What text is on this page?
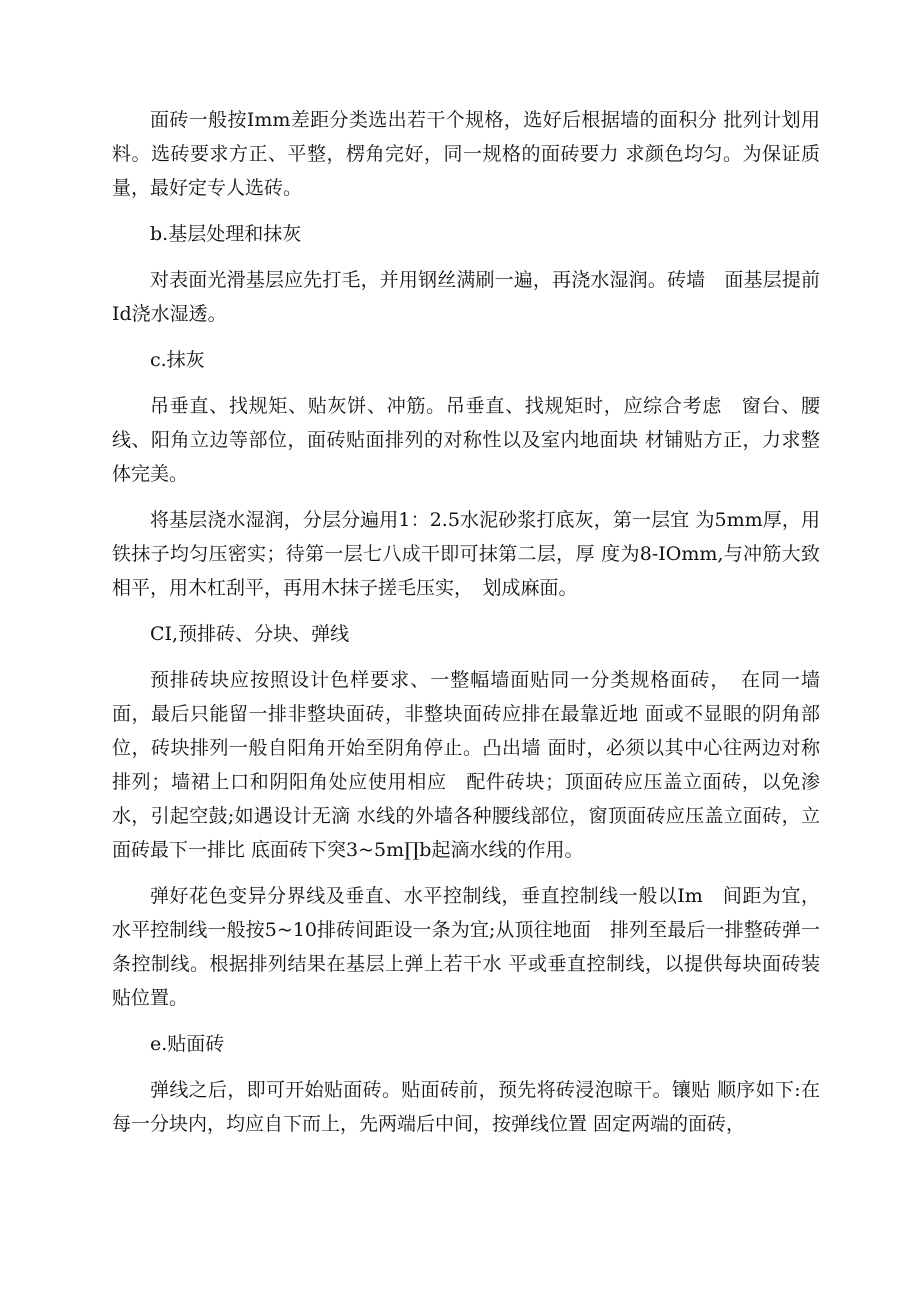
面砖一般按Imm差距分类选出若干个规格，选好后根据墙的面积分 批列计划用料。选砖要求方正、平整，楞角完好，同一规格的面砖要力 求颜色均匀。为保证质量，最好定专人选砖。

b.基层处理和抹灰

对表面光滑基层应先打毛，并用钢丝满刷一遍，再浇水湿润。砖墙　面基层提前Id浇水湿透。

c.抹灰

吊垂直、找规矩、贴灰饼、冲筋。吊垂直、找规矩时，应综合考虑　窗台、腰线、阳角立边等部位，面砖贴面排列的对称性以及室内地面块 材铺贴方正，力求整体完美。

将基层浇水湿润，分层分遍用1：2.5水泥砂浆打底灰，第一层宜 为5mm厚，用铁抹子均匀压密实；待第一层七八成干即可抹第二层，厚 度为8-IOmm,与冲筋大致相平，用木杠刮平，再用木抹子搓毛压实，　划成麻面。

CI,预排砖、分块、弹线

预排砖块应按照设计色样要求、一整幅墙面贴同一分类规格面砖，　在同一墙面，最后只能留一排非整块面砖，非整块面砖应排在最靠近地 面或不显眼的阴角部位，砖块排列一般自阳角开始至阴角停止。凸出墙 面时，必须以其中心往两边对称排列；墙裙上口和阴阳角处应使用相应　配件砖块；顶面砖应压盖立面砖，以免渗水，引起空鼓;如遇设计无滴 水线的外墙各种腰线部位，窗顶面砖应压盖立面砖，立面砖最下一排比 底面砖下突3~5m∏b起滴水线的作用。

弹好花色变异分界线及垂直、水平控制线，垂直控制线一般以Im　间距为宜，水平控制线一般按5~10排砖间距设一条为宜;从顶往地面　排列至最后一排整砖弹一条控制线。根据排列结果在基层上弹上若干水 平或垂直控制线，以提供每块面砖装贴位置。

e.贴面砖

弹线之后，即可开始贴面砖。贴面砖前，预先将砖浸泡晾干。镶贴 顺序如下:在每一分块内，均应自下而上，先两端后中间，按弹线位置 固定两端的面砖，
